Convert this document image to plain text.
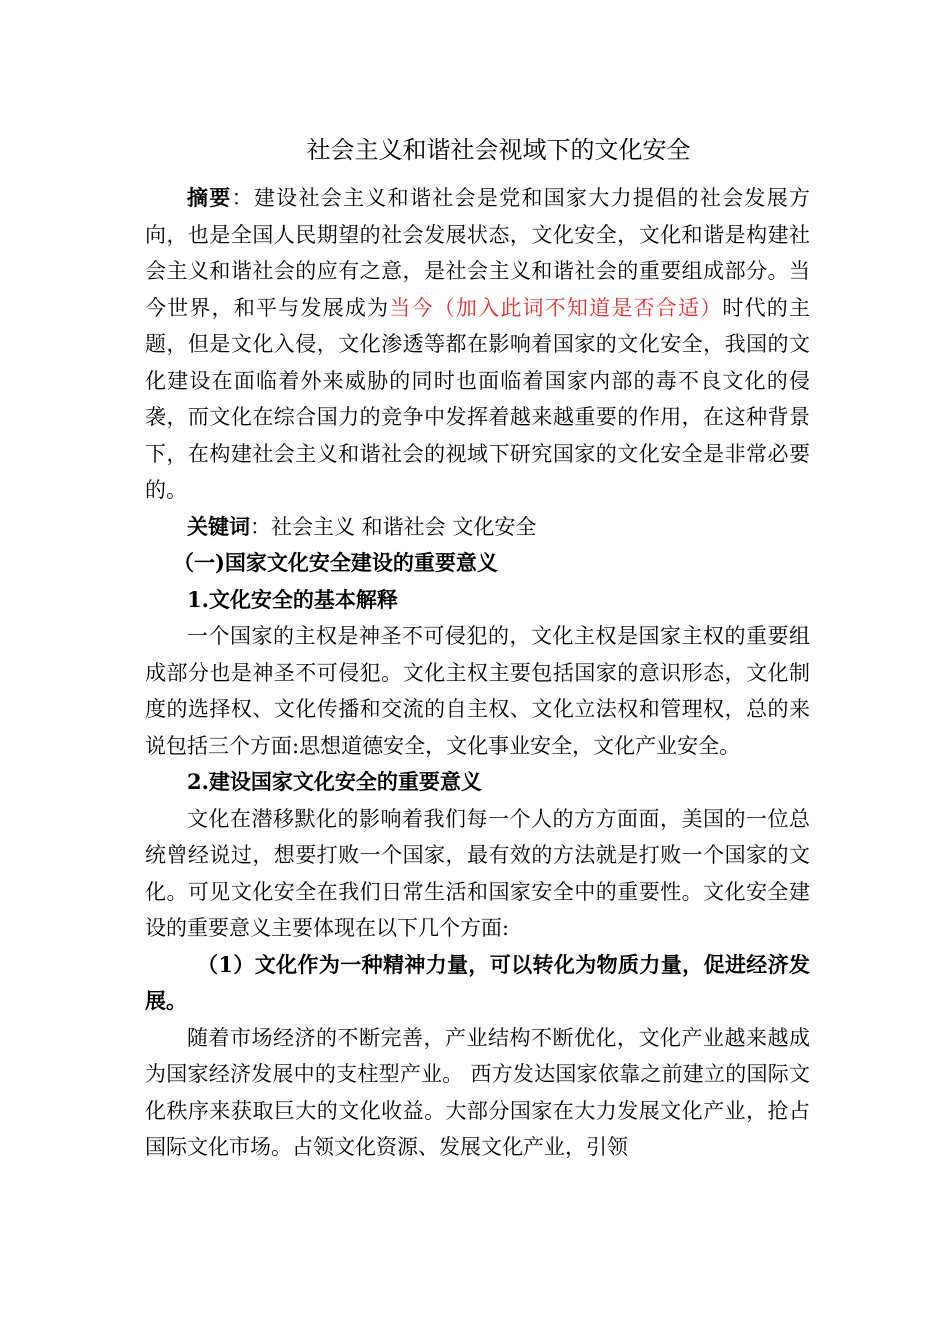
社会主义和谐社会视域下的文化安全

摘要：建设社会主义和谐社会是党和国家大力提倡的社会发展方向，也是全国人民期望的社会发展状态，文化安全，文化和谐是构建社会主义和谐社会的应有之意，是社会主义和谐社会的重要组成部分。当今世界，和平与发展成为当今（加入此词不知道是否合适）时代的主题，但是文化入侵，文化渗透等都在影响着国家的文化安全，我国的文化建设在面临着外来威胁的同时也面临着国家内部的毒不良文化的侵袭，而文化在综合国力的竞争中发挥着越来越重要的作用，在这种背景下，在构建社会主义和谐社会的视域下研究国家的文化安全是非常必要的。

关键词：社会主义 和谐社会 文化安全

（一)国家文化安全建设的重要意义

1.文化安全的基本解释

一个国家的主权是神圣不可侵犯的，文化主权是国家主权的重要组成部分也是神圣不可侵犯。文化主权主要包括国家的意识形态，文化制度的选择权、文化传播和交流的自主权、文化立法权和管理权，总的来说包括三个方面:思想道德安全，文化事业安全，文化产业安全。

2.建设国家文化安全的重要意义

文化在潜移默化的影响着我们每一个人的方方面面，美国的一位总统曾经说过，想要打败一个国家，最有效的方法就是打败一个国家的文化。可见文化安全在我们日常生活和国家安全中的重要性。文化安全建设的重要意义主要体现在以下几个方面:

（1）文化作为一种精神力量，可以转化为物质力量，促进经济发展。

随着市场经济的不断完善，产业结构不断优化，文化产业越来越成为国家经济发展中的支柱型产业。 西方发达国家依靠之前建立的国际文化秩序来获取巨大的文化收益。大部分国家在大力发展文化产业，抢占国际文化市场。占领文化资源、发展文化产业，引领
